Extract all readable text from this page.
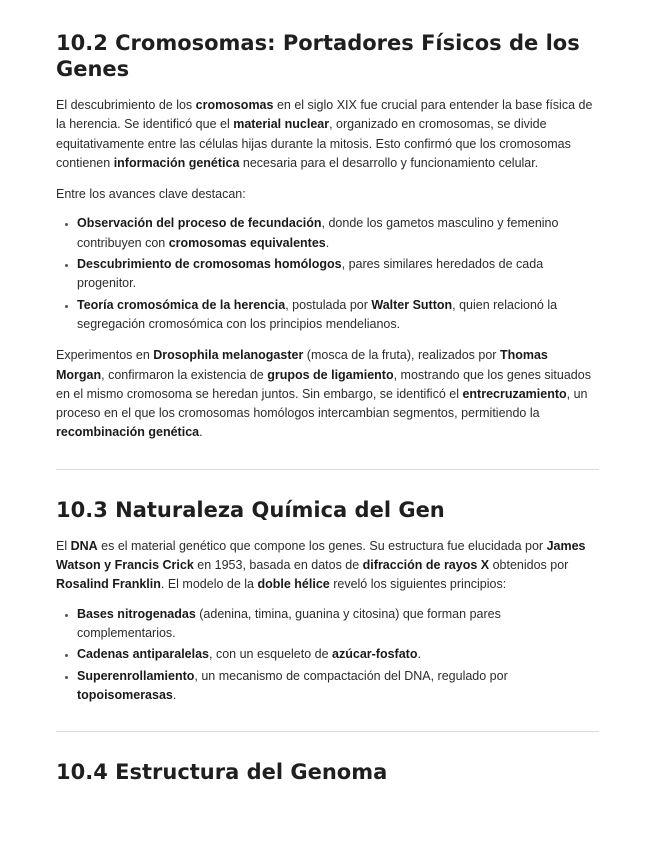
10.2 Cromosomas: Portadores Físicos de los Genes

El descubrimiento de los cromosomas en el siglo XIX fue crucial para entender la base física de la herencia. Se identificó que el material nuclear, organizado en cromosomas, se divide equitativamente entre las células hijas durante la mitosis. Esto confirmó que los cromosomas contienen información genética necesaria para el desarrollo y funcionamiento celular.

Entre los avances clave destacan:

• Observación del proceso de fecundación, donde los gametos masculino y femenino contribuyen con cromosomas equivalentes.
• Descubrimiento de cromosomas homólogos, pares similares heredados de cada progenitor.
• Teoría cromosómica de la herencia, postulada por Walter Sutton, quien relacionó la segregación cromosómica con los principios mendelianos.

Experimentos en Drosophila melanogaster (mosca de la fruta), realizados por Thomas Morgan, confirmaron la existencia de grupos de ligamiento, mostrando que los genes situados en el mismo cromosoma se heredan juntos. Sin embargo, se identificó el entrecruzamiento, un proceso en el que los cromosomas homólogos intercambian segmentos, permitiendo la recombinación genética.

10.3 Naturaleza Química del Gen

El DNA es el material genético que compone los genes. Su estructura fue elucidada por James Watson y Francis Crick en 1953, basada en datos de difracción de rayos X obtenidos por Rosalind Franklin. El modelo de la doble hélice reveló los siguientes principios:

• Bases nitrogenadas (adenina, timina, guanina y citosina) que forman pares complementarios.
• Cadenas antiparalelas, con un esqueleto de azúcar-fosfato.
• Superenrollamiento, un mecanismo de compactación del DNA, regulado por topoisomerasas.
10.4 Estructura del Genoma
